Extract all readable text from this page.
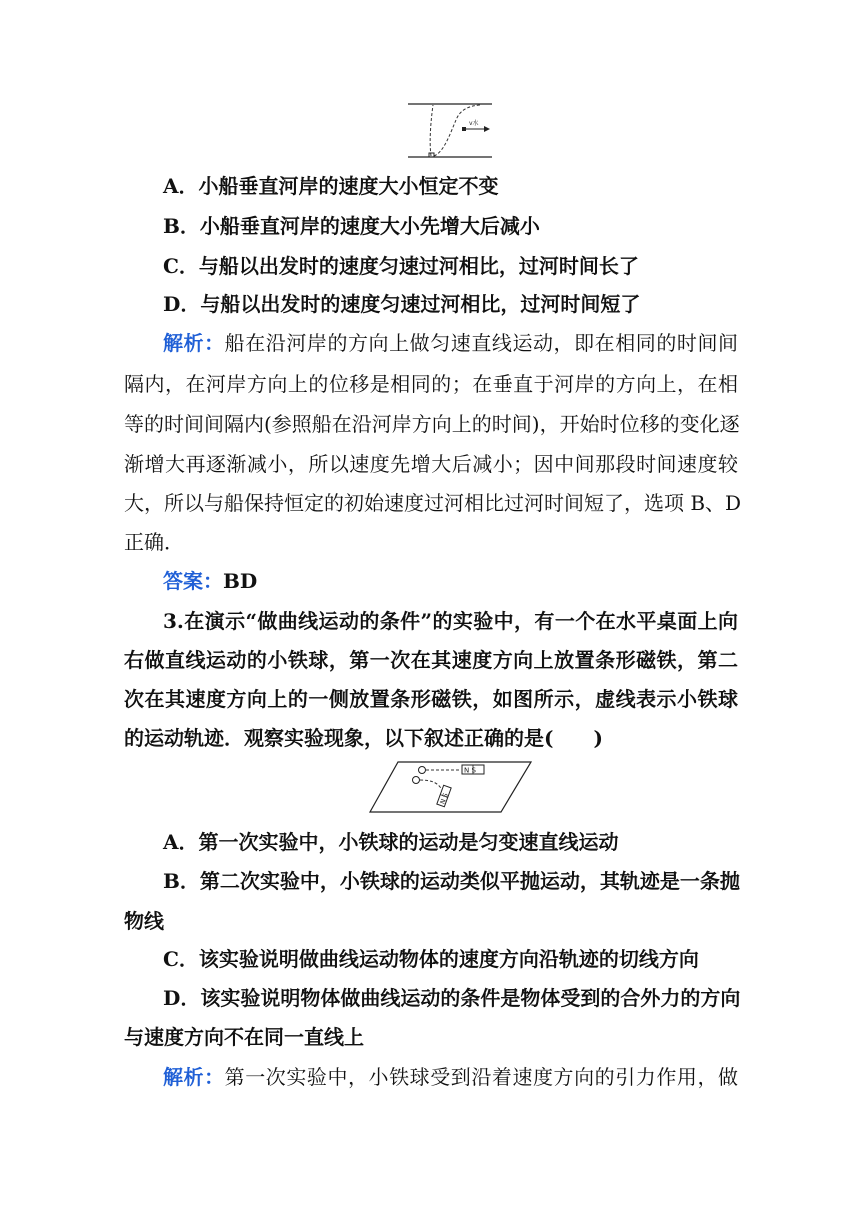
v水
A．小船垂直河岸的速度大小恒定不变
B．小船垂直河岸的速度大小先增大后减小
C．与船以出发时的速度匀速过河相比，过河时间长了
D．与船以出发时的速度匀速过河相比，过河时间短了
解析：船在沿河岸的方向上做匀速直线运动，即在相同的时间间
隔内，在河岸方向上的位移是相同的；在垂直于河岸的方向上，在相
等的时间间隔内(参照船在沿河岸方向上的时间)，开始时位移的变化逐
渐增大再逐渐减小，所以速度先增大后减小；因中间那段时间速度较
大，所以与船保持恒定的初始速度过河相比过河时间短了，选项 B、D
正确．
答案：BD
3.在演示“做曲线运动的条件”的实验中，有一个在水平桌面上向
右做直线运动的小铁球，第一次在其速度方向上放置条形磁铁，第二
次在其速度方向上的一侧放置条形磁铁，如图所示，虚线表示小铁球
的运动轨迹．观察实验现象，以下叙述正确的是(　　)
N S
N S
A．第一次实验中，小铁球的运动是匀变速直线运动
B．第二次实验中，小铁球的运动类似平抛运动，其轨迹是一条抛
物线
C．该实验说明做曲线运动物体的速度方向沿轨迹的切线方向
D．该实验说明物体做曲线运动的条件是物体受到的合外力的方向
与速度方向不在同一直线上
解析：第一次实验中，小铁球受到沿着速度方向的引力作用，做
